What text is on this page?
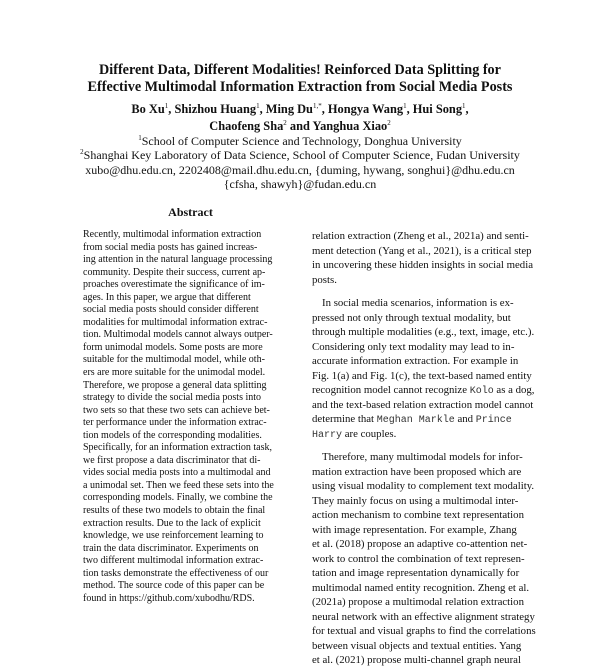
Different Data, Different Modalities! Reinforced Data Splitting for
Effective Multimodal Information Extraction from Social Media Posts
Bo Xu$^1$, Shizhou Huang$^1$, Ming $Du^{1,*}$, Hongya Wang$^1$, Hui Song$^1$,
Chaofeng Sha$^2$ and Yanghua Xiao$^2$
$^1$School of Computer Science and Technology, Donghua University
$^2$Shanghai Key Laboratory of Data Science, School of Computer Science, Fudan University
xubo@dhu.edu.cn, 2202408@mail.dhu.edu.cn, {duming, hywang, songhui}@dhu.edu.cn
{cfsha, shawyh}@fudan.edu.cn
Abstract
Recently, multimodal information extraction
from social media posts has gained increas-
ing attention in the natural language processing
community. Despite their success, current ap-
proaches overestimate the significance of im-
ages. In this paper, we argue that different
social media posts should consider different
modalities for multimodal information extrac-
tion. Multimodal models cannot always outper-
form unimodal models. Some posts are more
suitable for the multimodal model, while oth-
ers are more suitable for the unimodal model.
Therefore, we propose a general data splitting
strategy to divide the social media posts into
two sets so that these two sets can achieve bet-
ter performance under the information extrac-
tion models of the corresponding modalities.
Specifically, for an information extraction task,
we first propose a data discriminator that di-
vides social media posts into a multimodal and
a unimodal set. Then we feed these sets into the
corresponding models. Finally, we combine the
results of these two models to obtain the final
extraction results. Due to the lack of explicit
knowledge, we use reinforcement learning to
train the data discriminator. Experiments on
two different multimodal information extrac-
tion tasks demonstrate the effectiveness of our
method. The source code of this paper can be
found in https://github.com/xubodhu/RDS.
relation extraction (Zheng et al., 2021a) and senti-
ment detection (Yang et al., 2021), is a critical step
in uncovering these hidden insights in social media
posts.
In social media scenarios, information is ex-
pressed not only through textual modality, but
through multiple modalities (e.g., text, image, etc.).
Considering only text modality may lead to in-
accurate information extraction. For example in
Fig. 1(a) and Fig. 1(c), the text-based named entity
recognition model cannot recognize Kolo as a dog,
and the text-based relation extraction model cannot
determine that Meghan Markle and Prince
Harry are couples.
Therefore, many multimodal models for infor-
mation extraction have been proposed which are
using visual modality to complement text modality.
They mainly focus on using a multimodal inter-
action mechanism to combine text representation
with image representation. For example, Zhang
et al. (2018) propose an adaptive co-attention net-
work to control the combination of text represen-
tation and image representation dynamically for
multimodal named entity recognition. Zheng et al.
(2021a) propose a multimodal relation extraction
neural network with an effective alignment strategy
for textual and visual graphs to find the correlations
between visual objects and textual entities. Yang
et al. (2021) propose multi-channel graph neural
